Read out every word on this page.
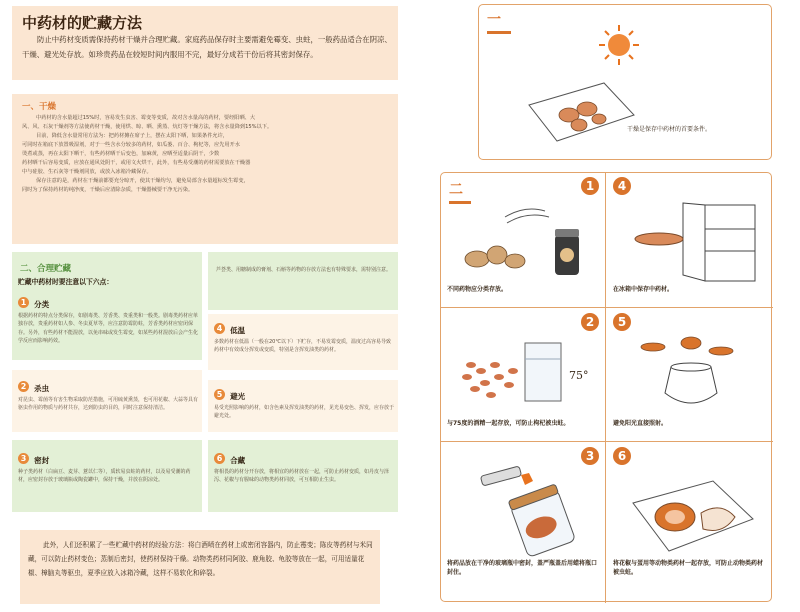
中药材的贮藏方法
防止中药材变质需保持药材干燥并合理贮藏。家庭药品保存时主要需避免霉变、虫蛀，一般药品适合在阴凉、干燥、避光处存放。如珍贵药品在较短时间内服用不完，最好分成若干份后将其密封保存。
一、干燥
中药材的含水量超过15%时，容易发生虫害、霉变等变质，故对含水量高的药材，要经阳晒、大
风、风、石灰干燥剂等方法使药材干燥，使用烘、晾、晒、熏蒸、炕灯等干燥方法，将含水量降到15%以下。
目前，降低含水量常用方法为：把药材摊在席子上，摆在太阳下晒，如果条件允许，
可同时在箱底下放置吸湿剂，对于一些含水分较多的药材，如瓜蒌、百合、枸杞等，应先用开水
烫煮或蒸，再在太阳下晒干，有些药材晒干后变色，加麻黄，应晒至适量后阴干，少数
药材晒干后容易变质，应放在通风处阴干，或用文火烘干，此外，有些易受潮的药材需要放在干燥器
中与硅胶、生石灰等干燥剂同放，或放入冰箱冷藏保存。
保存注意的是，药材在干燥前都要充分晾开，使其干燥均匀，避免局部含水量超标发生霉变，
同时为了保持药材的纯净度，干燥后应清除杂质，干燥器械要干净无污染。
二、合理贮藏
贮藏中药材时要注意以下六点：
1 分类
根据药材的特点分类保存，如剧毒类、芳香类、贵重类和一般类。剧毒类药材应单独存放，贵重药材如人参、冬虫夏草等，应注意防霉防蛀，芳香类药材应密闭保存。另外，有些药材不能混放，以免串味或发生霉变，如某些药材混放后会产生化学反应而影响药效。
2 杀虫
对昆虫、霉菌等有害生物采取防范措施，可用硫黄熏蒸，也可用花椒、大蒜等具有驱虫作用的物质与药材共存，达到防虫的目的，同时注意保持清洁。
3 密封
种子类药材（白扁豆、麦芽、薏苡仁等），质软易虫蛀的药材，以及易受潮的药材，应密封存放于玻璃瓶或陶瓷罐中，保持干燥，并放在阴凉处。
芦荟类、用糖制成的膏剂、石斛等药物的存放方法也有特殊要求，需特别注意。
4 低温
多数药材在低温（一般在20℃以下）下贮存，不易发霉变质，温度过高容易导致药材中有效成分挥发或变质，特别是含挥发油类的药材。
5 避光
易受光照影响的药材，如含色素及挥发油类的药材，见光易变色、挥发，应存放于避光处。
6 合藏
将相畏的药材分开存放，将相宜的药材放在一起，可防止药材变质，如丹皮与泽泻、花椒与有腥味的动物类药材同放，可互相防止生虫。
此外，人们还积累了一些贮藏中药材的经验方法：将白酒喷在药材上或密闭容器内，防止霉变；陈皮等药材与米同藏，可以防止药材变色；蒸制后密封，使药材保持干燥。动物类药材同阿胶、鹿角胶、龟胶等放在一起，可用适量花椒、樟脑丸等驱虫，夏季应放入冰箱冷藏，这样不易软化和碎裂。
一
干燥是保存中药材的首要条件。
二	1
不同药物应分类存放。
4
在冰箱中保存中药材。
2
75°
与75度的酒精一起存放，可防止枸杞被虫蛀。
5
避免阳光直接照射。
3
将药品放在干净的玻璃瓶中密封，盖严瓶盖后用蜡将瓶口封住。
6
将花椒与蛋用等动物类药材一起存放，可防止动物类药材被虫蛀。
